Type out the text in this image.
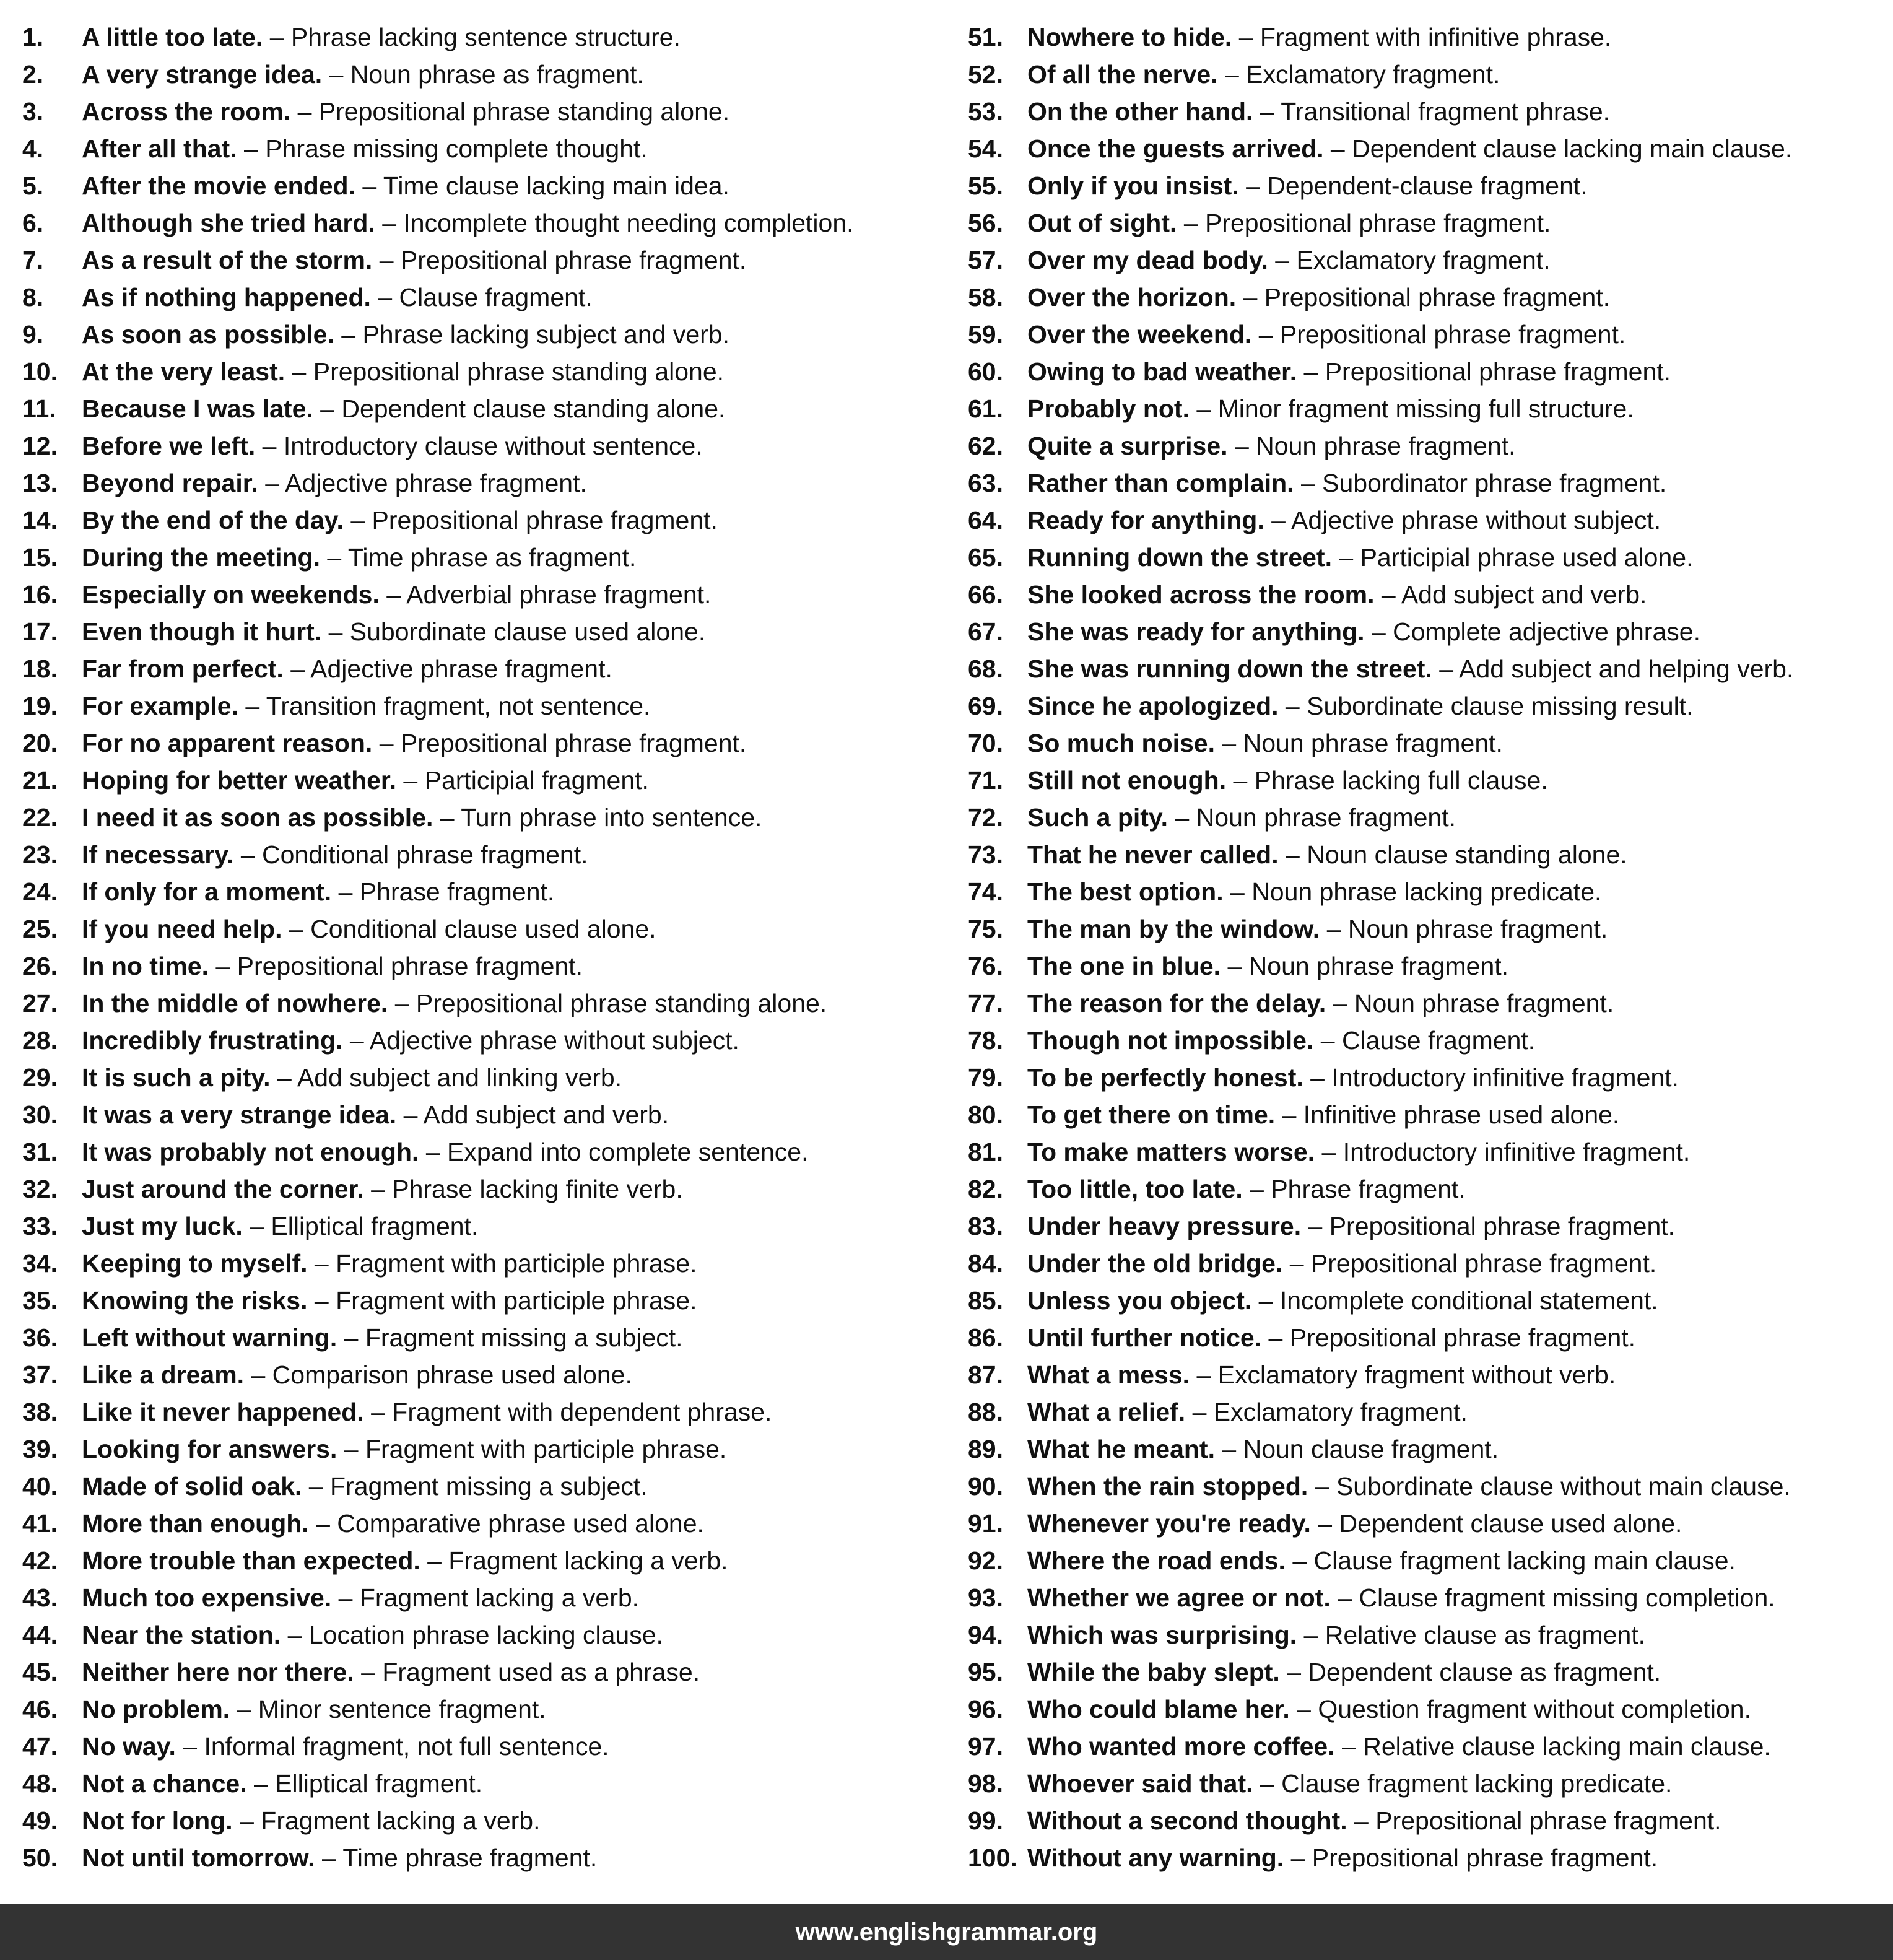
1.	A little too late.
– Phrase lacking sentence structure.
2.	A very strange idea.
– Noun phrase as fragment.
3.	Across the room.
– Prepositional phrase standing alone.
4.	After all that.
– Phrase missing complete thought.
5.	After the movie ended.
– Time clause lacking main idea.
6.	Although she tried hard.
– Incomplete thought needing completion.
7.	As a result of the storm.
– Prepositional phrase fragment.
8.	As if nothing happened.
– Clause fragment.
9.	As soon as possible.
– Phrase lacking subject and verb.
10. At the very least.
– Prepositional phrase standing alone.
11.	Because I was late.
– Dependent clause standing alone.
12. Before we left.
– Introductory clause without sentence.
13. Beyond repair.
– Adjective phrase fragment.
14. By the end of the day.
– Prepositional phrase fragment.
15. During the meeting.
– Time phrase as fragment.
16. Especially on weekends.
– Adverbial phrase fragment.
17. Even though it hurt.
– Subordinate clause used alone.
18. Far from perfect.
– Adjective phrase fragment.
19. For example.
– Transition fragment, not sentence.
20. For no apparent reason.
– Prepositional phrase fragment.
21. Hoping for better weather.
– Participial fragment.
22. I need it as soon as possible.
– Turn phrase into sentence.
23. If necessary.
– Conditional phrase fragment.
24. If only for a moment.
– Phrase fragment.
25. If you need help.
– Conditional clause used alone.
26. In no time.
– Prepositional phrase fragment.
27. In the middle of nowhere.
– Prepositional phrase standing alone.
28. Incredibly frustrating.
– Adjective phrase without subject.
29. It is such a pity.
– Add subject and linking verb.
30. It was a very strange idea.
– Add subject and verb.
31. It was probably not enough.
– Expand into complete sentence.
32. Just around the corner.
– Phrase lacking finite verb.
33. Just my luck.
– Elliptical fragment.
34. Keeping to myself.
– Fragment with participle phrase.
35. Knowing the risks.
– Fragment with participle phrase.
36. Left without warning.
– Fragment missing a subject.
37. Like a dream.
– Comparison phrase used alone.
38. Like it never happened.
– Fragment with dependent phrase.
39. Looking for answers.
– Fragment with participle phrase.
40. Made of solid oak.
– Fragment missing a subject.
41. More than enough.
– Comparative phrase used alone.
42. More trouble than expected.
– Fragment lacking a verb.
43. Much too expensive.
– Fragment lacking a verb.
44. Near the station.
– Location phrase lacking clause.
45. Neither here nor there.
– Fragment used as a phrase.
46. No problem.
– Minor sentence fragment.
47. No way.
– Informal fragment, not full sentence.
48. Not a chance.
– Elliptical fragment.
49. Not for long.
– Fragment lacking a verb.
50. Not until tomorrow.
– Time phrase fragment.
51. Nowhere to hide.
– Fragment with infinitive phrase.
52. Of all the nerve.
– Exclamatory fragment.
53. On the other hand.
– Transitional fragment phrase.
54. Once the guests arrived.
– Dependent clause lacking main clause.
55. Only if you insist.
– Dependent-clause fragment.
56. Out of sight.
– Prepositional phrase fragment.
57. Over my dead body.
– Exclamatory fragment.
58. Over the horizon.
– Prepositional phrase fragment.
59. Over the weekend.
– Prepositional phrase fragment.
60. Owing to bad weather.
– Prepositional phrase fragment.
61. Probably not.
– Minor fragment missing full structure.
62. Quite a surprise.
– Noun phrase fragment.
63. Rather than complain.
– Subordinator phrase fragment.
64. Ready for anything.
– Adjective phrase without subject.
65. Running down the street.
– Participial phrase used alone.
66. She looked across the room.
– Add subject and verb.
67. She was ready for anything.
– Complete adjective phrase.
68. She was running down the street.
– Add subject and helping verb.
69. Since he apologized.
– Subordinate clause missing result.
70. So much noise.
– Noun phrase fragment.
71. Still not enough.
– Phrase lacking full clause.
72. Such a pity.
– Noun phrase fragment.
73. That he never called.
– Noun clause standing alone.
74. The best option.
– Noun phrase lacking predicate.
75. The man by the window.
– Noun phrase fragment.
76. The one in blue.
– Noun phrase fragment.
77. The reason for the delay.
– Noun phrase fragment.
78. Though not impossible.
– Clause fragment.
79. To be perfectly honest.
– Introductory infinitive fragment.
80. To get there on time.
– Infinitive phrase used alone.
81. To make matters worse.
– Introductory infinitive fragment.
82. Too little, too late.
– Phrase fragment.
83. Under heavy pressure.
– Prepositional phrase fragment.
84. Under the old bridge.
– Prepositional phrase fragment.
85. Unless you object.
– Incomplete conditional statement.
86. Until further notice.
– Prepositional phrase fragment.
87. What a mess.
– Exclamatory fragment without verb.
88. What a relief.
– Exclamatory fragment.
89. What he meant.
– Noun clause fragment.
90. When the rain stopped.
– Subordinate clause without main clause.
91. Whenever you're ready.
– Dependent clause used alone.
92. Where the road ends.
– Clause fragment lacking main clause.
93. Whether we agree or not.
– Clause fragment missing completion.
94. Which was surprising.
– Relative clause as fragment.
95. While the baby slept.
– Dependent clause as fragment.
96. Who could blame her.
– Question fragment without completion.
97. Who wanted more coffee.
– Relative clause lacking main clause.
98. Whoever said that.
– Clause fragment lacking predicate.
99. Without a second thought.
– Prepositional phrase fragment.
100. Without any warning.
– Prepositional phrase fragment.
www.englishgrammar.org
